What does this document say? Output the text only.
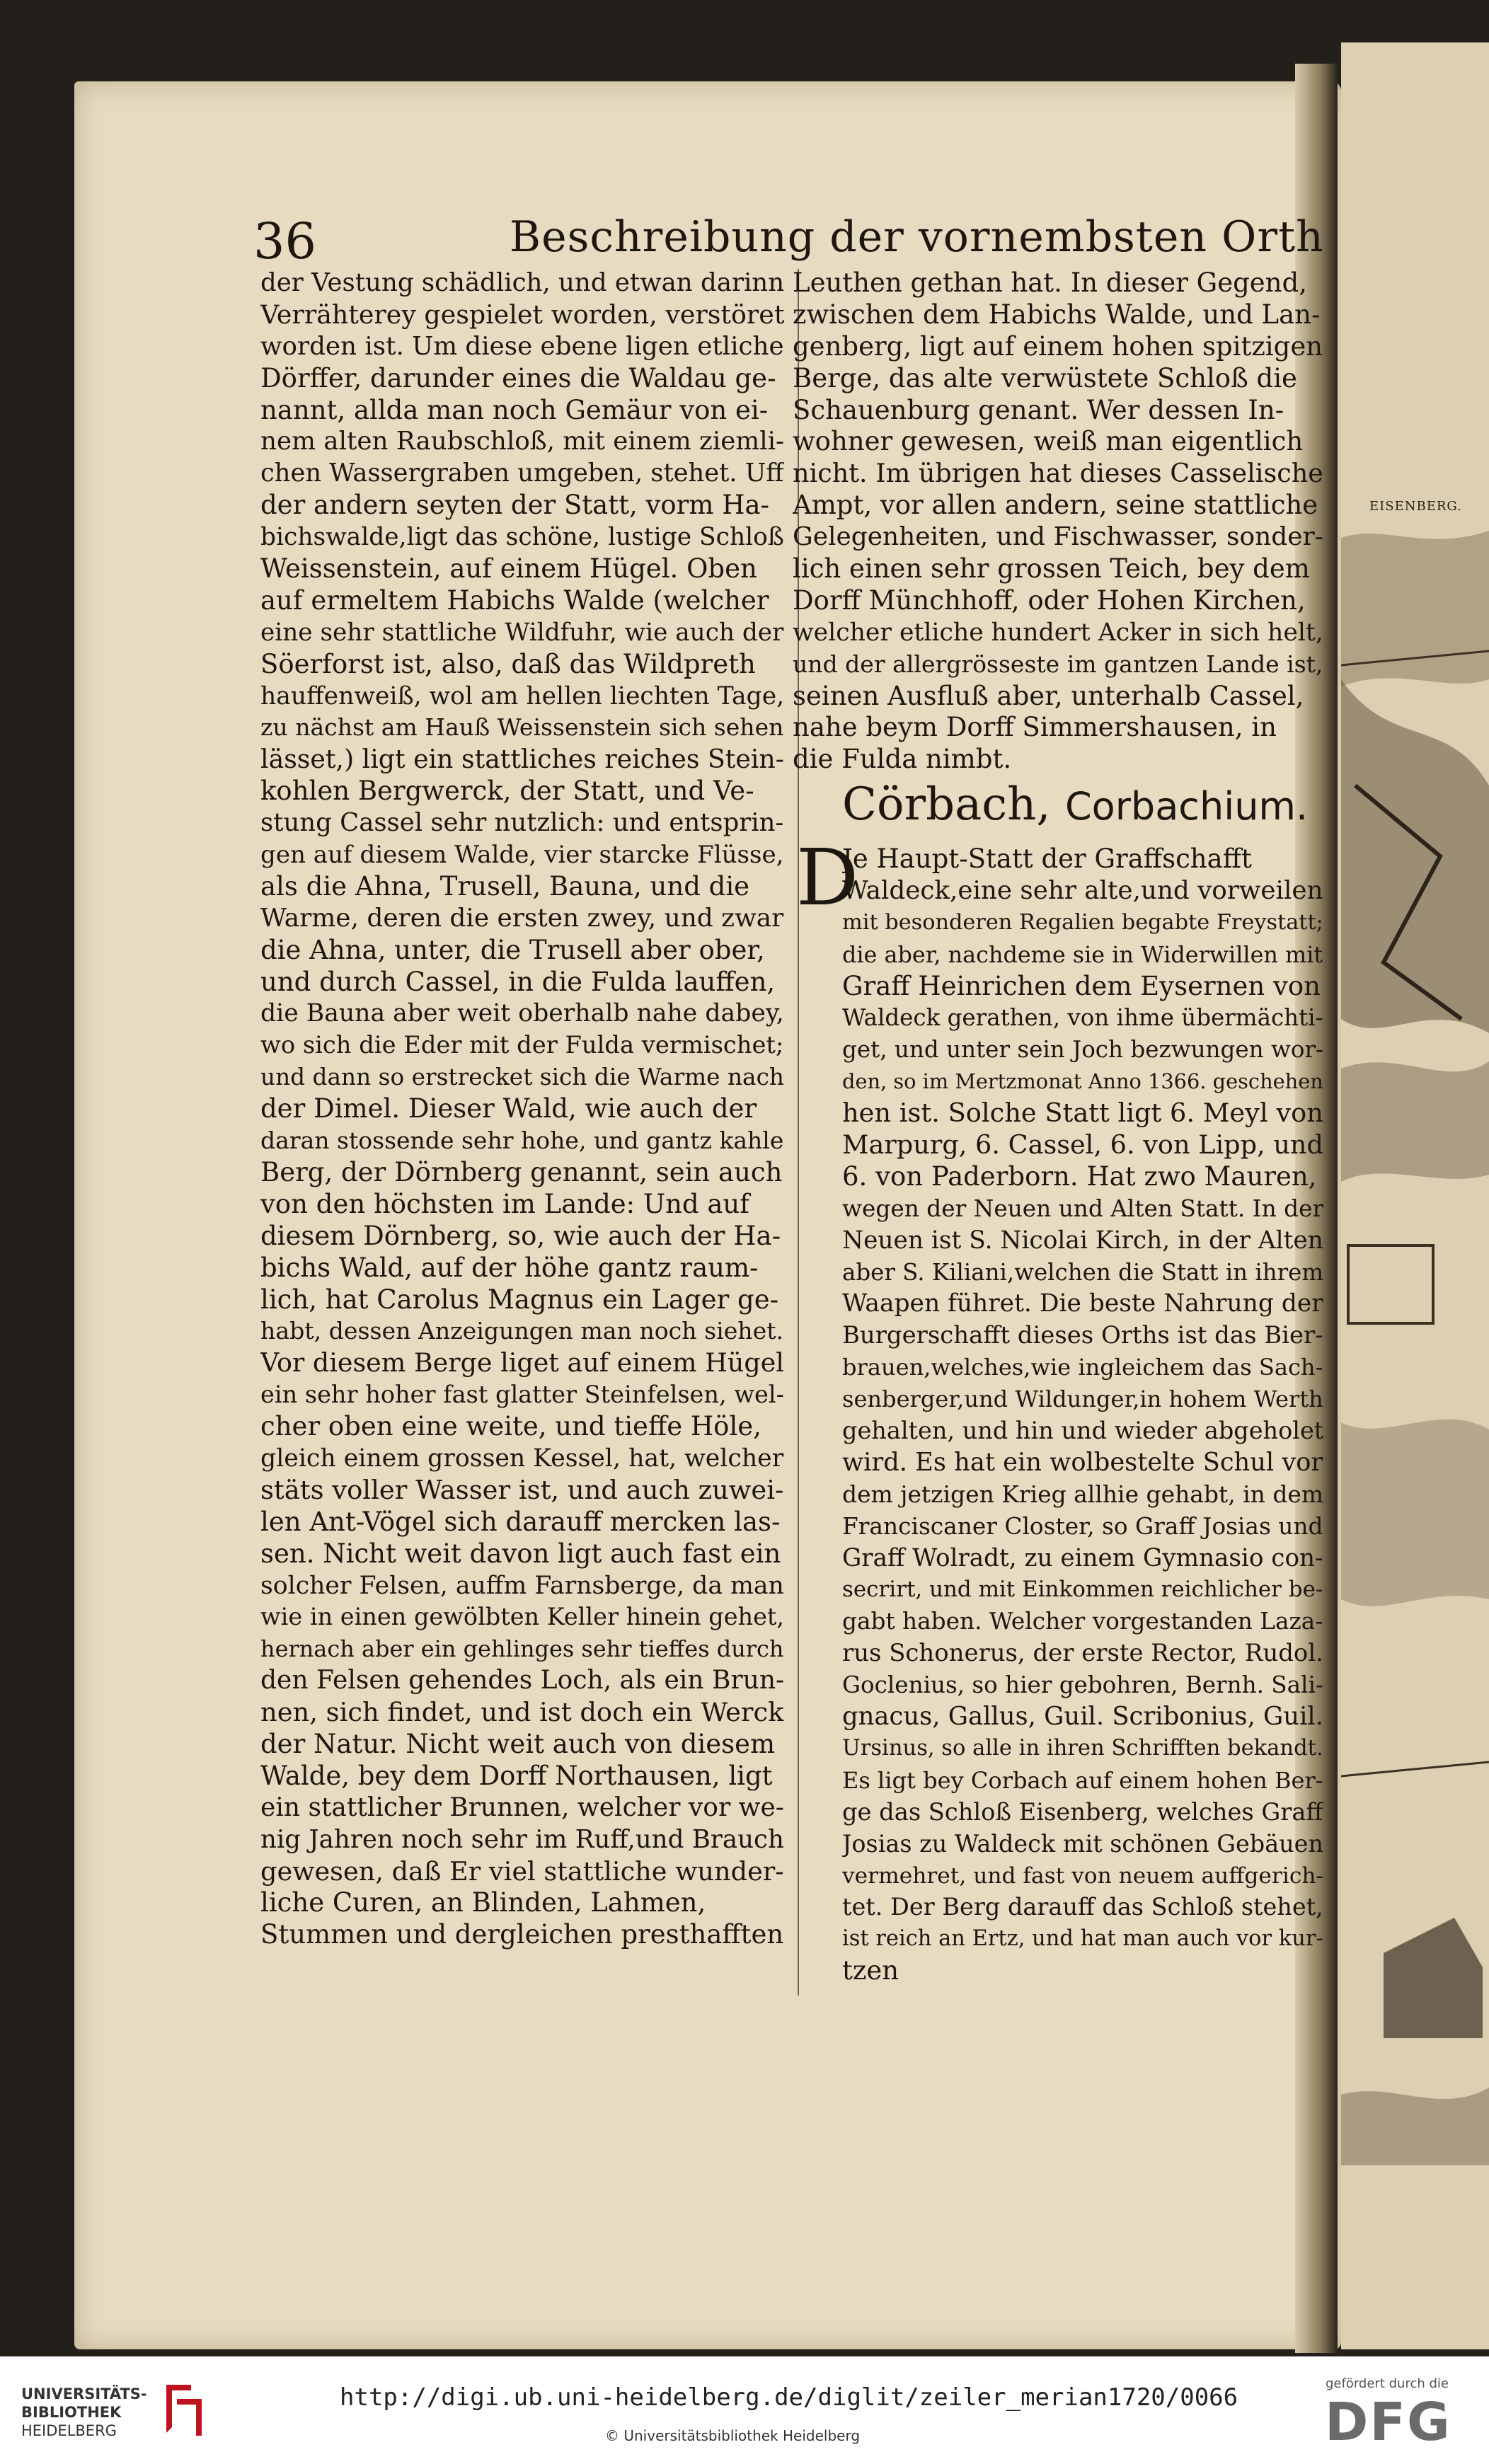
EISENBERG.
36	Beschreibung der vornembsten Orth
der Vestung schädlich, und etwan darinn
Verrähterey gespielet worden, verstöret
worden ist. Um diese ebene ligen etliche
Dörffer, darunder eines die Waldau ge-
nannt, allda man noch Gemäur von ei-
nem alten Raubschloß, mit einem ziemli-
chen Wassergraben umgeben, stehet. Uff
der andern seyten der Statt, vorm Ha-
bichswalde,ligt das schöne, lustige Schloß
Weissenstein, auf einem Hügel. Oben
auf ermeltem Habichs Walde (welcher
eine sehr stattliche Wildfuhr, wie auch der
Söerforst ist, also, daß das Wildpreth
hauffenweiß, wol am hellen liechten Tage,
zu nächst am Hauß Weissenstein sich sehen
lässet,) ligt ein stattliches reiches Stein-
kohlen Bergwerck, der Statt, und Ve-
stung Cassel sehr nutzlich: und entsprin-
gen auf diesem Walde, vier starcke Flüsse,
als die Ahna, Trusell, Bauna, und die
Warme, deren die ersten zwey, und zwar
die Ahna, unter, die Trusell aber ober,
und durch Cassel, in die Fulda lauffen,
die Bauna aber weit oberhalb nahe dabey,
wo sich die Eder mit der Fulda vermischet;
und dann so erstrecket sich die Warme nach
der Dimel. Dieser Wald, wie auch der
daran stossende sehr hohe, und gantz kahle
Berg, der Dörnberg genannt, sein auch
von den höchsten im Lande: Und auf
diesem Dörnberg, so, wie auch der Ha-
bichs Wald, auf der höhe gantz raum-
lich, hat Carolus Magnus ein Lager ge-
habt, dessen Anzeigungen man noch siehet.
Vor diesem Berge liget auf einem Hügel
ein sehr hoher fast glatter Steinfelsen, wel-
cher oben eine weite, und tieffe Höle,
gleich einem grossen Kessel, hat, welcher
stäts voller Wasser ist, und auch zuwei-
len Ant-Vögel sich darauff mercken las-
sen. Nicht weit davon ligt auch fast ein
solcher Felsen, auffm Farnsberge, da man
wie in einen gewölbten Keller hinein gehet,
hernach aber ein gehlinges sehr tieffes durch
den Felsen gehendes Loch, als ein Brun-
nen, sich findet, und ist doch ein Werck
der Natur. Nicht weit auch von diesem
Walde, bey dem Dorff Northausen, ligt
ein stattlicher Brunnen, welcher vor we-
nig Jahren noch sehr im Ruff,und Brauch
gewesen, daß Er viel stattliche wunder-
liche Curen, an Blinden, Lahmen,
Stummen und dergleichen presthafften
Leuthen gethan hat. In dieser Gegend,
zwischen dem Habichs Walde, und Lan-
genberg, ligt auf einem hohen spitzigen
Berge, das alte verwüstete Schloß die
Schauenburg genant. Wer dessen In-
wohner gewesen, weiß man eigentlich
nicht. Im übrigen hat dieses Casselische
Ampt, vor allen andern, seine stattliche
Gelegenheiten, und Fischwasser, sonder-
lich einen sehr grossen Teich, bey dem
Dorff Münchhoff, oder Hohen Kirchen,
welcher etliche hundert Acker in sich helt,
und der allergrösseste im gantzen Lande ist,
seinen Ausfluß aber, unterhalb Cassel,
nahe beym Dorff Simmershausen, in
die Fulda nimbt.
Cörbach, Corbachium.
D
Je Haupt-Statt der Graffschafft
Waldeck,eine sehr alte,und vorweilen
mit besonderen Regalien begabte Freystatt;
die aber, nachdeme sie in Widerwillen mit
Graff Heinrichen dem Eysernen von
Waldeck gerathen, von ihme übermächti-
get, und unter sein Joch bezwungen wor-
den, so im Mertzmonat Anno 1366. geschehen
hen ist. Solche Statt ligt 6. Meyl von
Marpurg, 6. Cassel, 6. von Lipp, und
6. von Paderborn. Hat zwo Mauren,
wegen der Neuen und Alten Statt. In der
Neuen ist S. Nicolai Kirch, in der Alten
aber S. Kiliani,welchen die Statt in ihrem
Waapen führet. Die beste Nahrung der
Burgerschafft dieses Orths ist das Bier-
brauen,welches,wie ingleichem das Sach-
senberger,und Wildunger,in hohem Werth
gehalten, und hin und wieder abgeholet
wird. Es hat ein wolbestelte Schul vor
dem jetzigen Krieg allhie gehabt, in dem
Franciscaner Closter, so Graff Josias und
Graff Wolradt, zu einem Gymnasio con-
secrirt, und mit Einkommen reichlicher be-
gabt haben. Welcher vorgestanden Laza-
rus Schonerus, der erste Rector, Rudol.
Goclenius, so hier gebohren, Bernh. Sali-
gnacus, Gallus, Guil. Scribonius, Guil.
Ursinus, so alle in ihren Schrifften bekandt.
Es ligt bey Corbach auf einem hohen Ber-
ge das Schloß Eisenberg, welches Graff
Josias zu Waldeck mit schönen Gebäuen
vermehret, und fast von neuem auffgerich-
tet. Der Berg darauff das Schloß stehet,
ist reich an Ertz, und hat man auch vor kur-
tzen
UNIVERSITÄTS-
BIBLIOTHEK
HEIDELBERG
http://digi.ub.uni-heidelberg.de/diglit/zeiler_merian1720/0066
© Universitätsbibliothek Heidelberg
gefördert durch die
DFG
